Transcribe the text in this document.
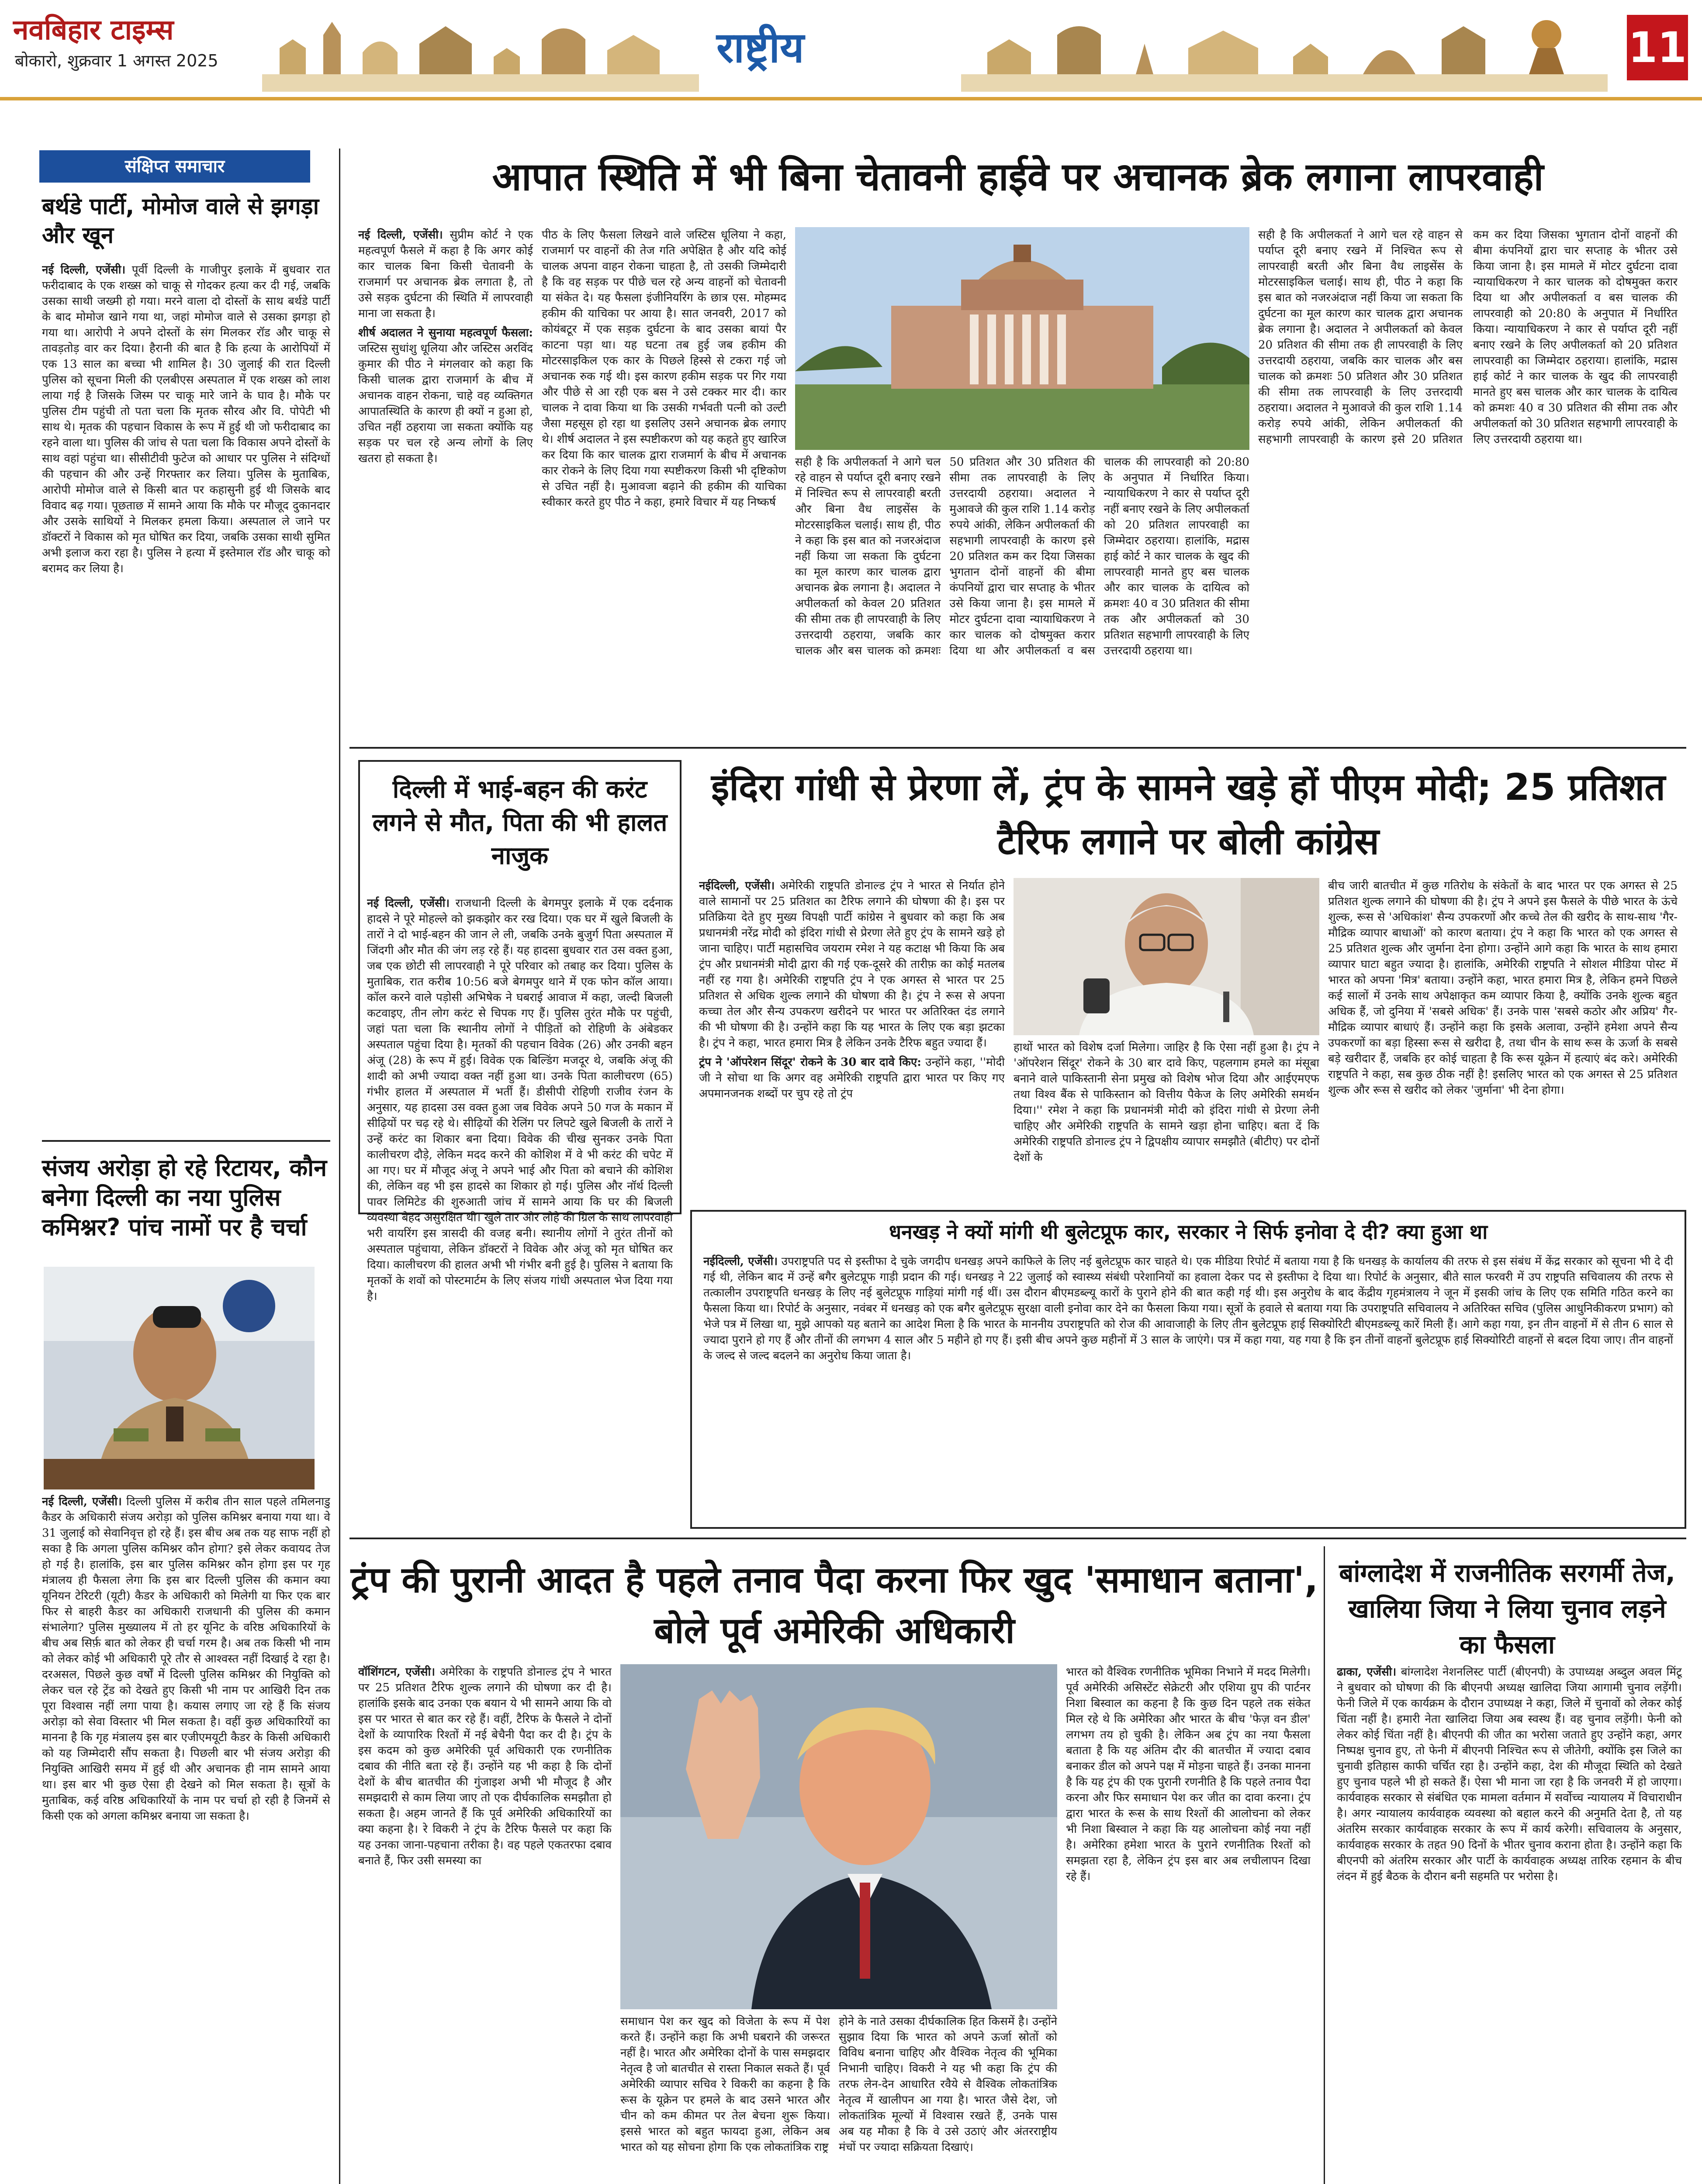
नवबिहार टाइम्स
बोकारो, शुक्रवार 1 अगस्त 2025	राष्ट्रीय	11
संक्षिप्त समाचार
बर्थडे पार्टी, मोमोज वाले से झगड़ा और खून

नई दिल्ली, एजेंसी। पूर्वी दिल्ली के गाजीपुर इलाके में बुधवार रात फरीदाबाद के एक शख्स को चाकू से गोदकर हत्या कर दी गई, जबकि उसका साथी जख्मी हो गया। मरने वाला दो दोस्तों के साथ बर्थडे पार्टी के बाद मोमोज खाने गया था, जहां मोमोज वाले से उसका झगड़ा हो गया था। आरोपी ने अपने दोस्तों के संग मिलकर रॉड और चाकू से तावड़तोड़ वार कर दिया। हैरानी की बात है कि हत्या के आरोपियों में एक 13 साल का बच्चा भी शामिल है। 30 जुलाई की रात दिल्ली पुलिस को सूचना मिली की एलबीएस अस्पताल में एक शख्स को लाश लाया गई है जिसके जिस्म पर चाकू मारे जाने के घाव है। मौके पर पुलिस टीम पहुंची तो पता चला कि मृतक सौरव और वि. पोपेटी भी साथ थे। मृतक की पहचान विकास के रूप में हुई थी जो फरीदाबाद का रहने वाला था। पुलिस की जांच से पता चला कि विकास अपने दोस्तों के साथ वहां पहुंचा था। सीसीटीवी फुटेज को आधार पर पुलिस ने संदिग्धों की पहचान की और उन्हें गिरफ्तार कर लिया। पुलिस के मुताबिक, आरोपी मोमोज वाले से किसी बात पर कहासुनी हुई थी जिसके बाद विवाद बढ़ गया। पूछताछ में सामने आया कि मौके पर मौजूद दुकानदार और उसके साथियों ने मिलकर हमला किया। अस्पताल ले जाने पर डॉक्टरों ने विकास को मृत घोषित कर दिया, जबकि उसका साथी सुमित अभी इलाज करा रहा है। पुलिस ने हत्या में इस्तेमाल रॉड और चाकू को बरामद कर लिया है।

संजय अरोड़ा हो रहे रिटायर, कौन बनेगा दिल्ली का नया पुलिस कमिश्नर? पांच नामों पर है चर्चा

नई दिल्ली, एजेंसी। दिल्ली पुलिस में करीब तीन साल पहले तमिलनाडु कैडर के अधिकारी संजय अरोड़ा को पुलिस कमिश्नर बनाया गया था। वे 31 जुलाई को सेवानिवृत्त हो रहे हैं। इस बीच अब तक यह साफ नहीं हो सका है कि अगला पुलिस कमिश्नर कौन होगा? इसे लेकर कवायद तेज हो गई है। हालांकि, इस बार पुलिस कमिश्नर कौन होगा इस पर गृह मंत्रालय ही फैसला लेगा कि इस बार दिल्ली पुलिस की कमान क्या यूनियन टेरिटरी (यूटी) कैडर के अधिकारी को मिलेगी या फिर एक बार फिर से बाहरी कैडर का अधिकारी राजधानी की पुलिस की कमान संभालेगा? पुलिस मुख्यालय में तो हर यूनिट के वरिष्ठ अधिकारियों के बीच अब सिर्फ़ बात को लेकर ही चर्चा गरम है। अब तक किसी भी नाम को लेकर कोई भी अधिकारी पूरे तौर से आश्वस्त नहीं दिखाई दे रहा है। दरअसल, पिछले कुछ वर्षों में दिल्ली पुलिस कमिश्नर की नियुक्ति को लेकर चल रहे ट्रेंड को देखते हुए किसी भी नाम पर आखिरी दिन तक पूरा विश्वास नहीं लगा पाया है। कयास लगाए जा रहे हैं कि संजय अरोड़ा को सेवा विस्तार भी मिल सकता है। वहीं कुछ अधिकारियों का मानना है कि गृह मंत्रालय इस बार एजीएमयूटी कैडर के किसी अधिकारी को यह जिम्मेदारी सौंप सकता है। पिछली बार भी संजय अरोड़ा की नियुक्ति आखिरी समय में हुई थी और अचानक ही नाम सामने आया था। इस बार भी कुछ ऐसा ही देखने को मिल सकता है। सूत्रों के मुताबिक, कई वरिष्ठ अधिकारियों के नाम पर चर्चा हो रही है जिनमें से किसी एक को अगला कमिश्नर बनाया जा सकता है।

आपात स्थिति में भी बिना चेतावनी हाईवे पर अचानक ब्रेक लगाना लापरवाही

नई दिल्ली, एजेंसी। सुप्रीम कोर्ट ने एक महत्वपूर्ण फैसले में कहा है कि अगर कोई कार चालक बिना किसी चेतावनी के राजमार्ग पर अचानक ब्रेक लगाता है, तो उसे सड़क दुर्घटना की स्थिति में लापरवाही माना जा सकता है।

शीर्ष अदालत ने सुनाया महत्वपूर्ण फैसला: जस्टिस सुधांशु धूलिया और जस्टिस अरविंद कुमार की पीठ ने मंगलवार को कहा कि किसी चालक द्वारा राजमार्ग के बीच में अचानक वाहन रोकना, चाहे वह व्यक्तिगत आपातस्थिति के कारण ही क्यों न हुआ हो, उचित नहीं ठहराया जा सकता क्योंकि यह सड़क पर चल रहे अन्य लोगों के लिए खतरा हो सकता है।

पीठ के लिए फैसला लिखने वाले जस्टिस धूलिया ने कहा, राजमार्ग पर वाहनों की तेज गति अपेक्षित है और यदि कोई चालक अपना वाहन रोकना चाहता है, तो उसकी जिम्मेदारी है कि वह सड़क पर पीछे चल रहे अन्य वाहनों को चेतावनी या संकेत दे। यह फैसला इंजीनियरिंग के छात्र एस. मोहम्मद हकीम की याचिका पर आया है। सात जनवरी, 2017 को कोयंबटूर में एक सड़क दुर्घटना के बाद उसका बायां पैर काटना पड़ा था। यह घटना तब हुई जब हकीम की मोटरसाइकिल एक कार के पिछले हिस्से से टकरा गई जो अचानक रुक गई थी। इस कारण हकीम सड़क पर गिर गया और पीछे से आ रही एक बस ने उसे टक्कर मार दी। कार चालक ने दावा किया था कि उसकी गर्भवती पत्नी को उल्टी जैसा महसूस हो रहा था इसलिए उसने अचानक ब्रेक लगाए थे। शीर्ष अदालत ने इस स्पष्टीकरण को यह कहते हुए खारिज कर दिया कि कार चालक द्वारा राजमार्ग के बीच में अचानक कार रोकने के लिए दिया गया स्पष्टीकरण किसी भी दृष्टिकोण से उचित नहीं है। मुआवजा बढ़ाने की हकीम की याचिका स्वीकार करते हुए पीठ ने कहा, हमारे विचार में यह निष्कर्ष

सही है कि अपीलकर्ता ने आगे चल रहे वाहन से पर्याप्त दूरी बनाए रखने में निश्चित रूप से लापरवाही बरती और बिना वैध लाइसेंस के मोटरसाइकिल चलाई। साथ ही, पीठ ने कहा कि इस बात को नजरअंदाज नहीं किया जा सकता कि दुर्घटना का मूल कारण कार चालक द्वारा अचानक ब्रेक लगाना है। अदालत ने अपीलकर्ता को केवल 20 प्रतिशत की सीमा तक ही लापरवाही के लिए उत्तरदायी ठहराया, जबकि कार चालक और बस चालक को क्रमशः 50 प्रतिशत और 30 प्रतिशत की सीमा तक लापरवाही के लिए उत्तरदायी ठहराया। अदालत ने मुआवजे की कुल राशि 1.14 करोड़ रुपये आंकी, लेकिन अपीलकर्ता की सहभागी लापरवाही के कारण इसे 20 प्रतिशत कम कर दिया जिसका भुगतान दोनों वाहनों की बीमा कंपनियों द्वारा चार सप्ताह के भीतर उसे किया जाना है। इस मामले में मोटर दुर्घटना दावा न्यायाधिकरण ने कार चालक को दोषमुक्त करार दिया था और अपीलकर्ता व बस चालक की लापरवाही को 20:80 के अनुपात में निर्धारित किया। न्यायाधिकरण ने कार से पर्याप्त दूरी नहीं बनाए रखने के लिए अपीलकर्ता को 20 प्रतिशत लापरवाही का जिम्मेदार ठहराया। हालांकि, मद्रास हाई कोर्ट ने कार चालक के खुद की लापरवाही मानते हुए बस चालक और कार चालक के दायित्व को क्रमशः 40 व 30 प्रतिशत की सीमा तक और अपीलकर्ता को 30 प्रतिशत सहभागी लापरवाही के लिए उत्तरदायी ठहराया था।

सही है कि अपीलकर्ता ने आगे चल रहे वाहन से पर्याप्त दूरी बनाए रखने में निश्चित रूप से लापरवाही बरती और बिना वैध लाइसेंस के मोटरसाइकिल चलाई। साथ ही, पीठ ने कहा कि इस बात को नजरअंदाज नहीं किया जा सकता कि दुर्घटना का मूल कारण कार चालक द्वारा अचानक ब्रेक लगाना है। अदालत ने अपीलकर्ता को केवल 20 प्रतिशत की सीमा तक ही लापरवाही के लिए उत्तरदायी ठहराया, जबकि कार चालक और बस चालक को क्रमशः 50 प्रतिशत और 30 प्रतिशत की सीमा तक लापरवाही के लिए उत्तरदायी ठहराया। अदालत ने मुआवजे की कुल राशि 1.14 करोड़ रुपये आंकी, लेकिन अपीलकर्ता की सहभागी लापरवाही के कारण इसे 20 प्रतिशत कम कर दिया जिसका भुगतान दोनों वाहनों की बीमा कंपनियों द्वारा चार सप्ताह के भीतर उसे किया जाना है। इस मामले में मोटर दुर्घटना दावा न्यायाधिकरण ने कार चालक को दोषमुक्त करार दिया था और अपीलकर्ता व बस चालक की लापरवाही को 20:80 के अनुपात में निर्धारित किया। न्यायाधिकरण ने कार से पर्याप्त दूरी नहीं बनाए रखने के लिए अपीलकर्ता को 20 प्रतिशत लापरवाही का जिम्मेदार ठहराया। हालांकि, मद्रास हाई कोर्ट ने कार चालक के खुद की लापरवाही मानते हुए बस चालक और कार चालक के दायित्व को क्रमशः 40 व 30 प्रतिशत की सीमा तक और अपीलकर्ता को 30 प्रतिशत सहभागी लापरवाही के लिए उत्तरदायी ठहराया था।

दिल्ली में भाई-बहन की करंट लगने से मौत, पिता की भी हालत नाजुक

नई दिल्ली, एजेंसी। राजधानी दिल्ली के बेगमपुर इलाके में एक दर्दनाक हादसे ने पूरे मोहल्ले को झकझोर कर रख दिया। एक घर में खुले बिजली के तारों ने दो भाई-बहन की जान ले ली, जबकि उनके बुजुर्ग पिता अस्पताल में जिंदगी और मौत की जंग लड़ रहे हैं। यह हादसा बुधवार रात उस वक्त हुआ, जब एक छोटी सी लापरवाही ने पूरे परिवार को तबाह कर दिया। पुलिस के मुताबिक, रात करीब 10:56 बजे बेगमपुर थाने में एक फोन कॉल आया। कॉल करने वाले पड़ोसी अभिषेक ने घबराई आवाज में कहा, जल्दी बिजली कटवाइए, तीन लोग करंट से चिपक गए हैं। पुलिस तुरंत मौके पर पहुंची, जहां पता चला कि स्थानीय लोगों ने पीड़ितों को रोहिणी के अंबेडकर अस्पताल पहुंचा दिया है। मृतकों की पहचान विवेक (26) और उनकी बहन अंजू (28) के रूप में हुई। विवेक एक बिल्डिंग मजदूर थे, जबकि अंजू की शादी को अभी ज्यादा वक्त नहीं हुआ था। उनके पिता कालीचरण (65) गंभीर हालत में अस्पताल में भर्ती हैं। डीसीपी रोहिणी राजीव रंजन के अनुसार, यह हादसा उस वक्त हुआ जब विवेक अपने 50 गज के मकान में सीढ़ियों पर चढ़ रहे थे। सीढ़ियों की रेलिंग पर लिपटे खुले बिजली के तारों ने उन्हें करंट का शिकार बना दिया। विवेक की चीख सुनकर उनके पिता कालीचरण दौड़े, लेकिन मदद करने की कोशिश में वे भी करंट की चपेट में आ गए। घर में मौजूद अंजू ने अपने भाई और पिता को बचाने की कोशिश की, लेकिन वह भी इस हादसे का शिकार हो गई। पुलिस और नॉर्थ दिल्ली पावर लिमिटेड की शुरुआती जांच में सामने आया कि घर की बिजली व्यवस्था बेहद असुरक्षित थी। खुले तार और लोहे की ग्रिल के साथ लापरवाही भरी वायरिंग इस त्रासदी की वजह बनी। स्थानीय लोगों ने तुरंत तीनों को अस्पताल पहुंचाया, लेकिन डॉक्टरों ने विवेक और अंजू को मृत घोषित कर दिया। कालीचरण की हालत अभी भी गंभीर बनी हुई है। पुलिस ने बताया कि मृतकों के शवों को पोस्टमार्टम के लिए संजय गांधी अस्पताल भेज दिया गया है।

इंदिरा गांधी से प्रेरणा लें, ट्रंप के सामने खड़े हों पीएम मोदी; 25 प्रतिशत टैरिफ लगाने पर बोली कांग्रेस

नईदिल्ली, एजेंसी। अमेरिकी राष्ट्रपति डोनाल्ड ट्रंप ने भारत से निर्यात होने वाले सामानों पर 25 प्रतिशत का टैरिफ लगाने की घोषणा की है। इस पर प्रतिक्रिया देते हुए मुख्य विपक्षी पार्टी कांग्रेस ने बुधवार को कहा कि अब प्रधानमंत्री नरेंद्र मोदी को इंदिरा गांधी से प्रेरणा लेते हुए ट्रंप के सामने खड़े हो जाना चाहिए। पार्टी महासचिव जयराम रमेश ने यह कटाक्ष भी किया कि अब ट्रंप और प्रधानमंत्री मोदी द्वारा की गई एक-दूसरे की तारीफ़ का कोई मतलब नहीं रह गया है। अमेरिकी राष्ट्रपति ट्रंप ने एक अगस्त से भारत पर 25 प्रतिशत से अधिक शुल्क लगाने की घोषणा की है। ट्रंप ने रूस से अपना कच्चा तेल और सैन्य उपकरण खरीदने पर भारत पर अतिरिक्त दंड लगाने की भी घोषणा की है। उन्होंने कहा कि यह भारत के लिए एक बड़ा झटका है। ट्रंप ने कहा, भारत हमारा मित्र है लेकिन उनके टैरिफ बहुत ज्यादा हैं।

ट्रंप ने 'ऑपरेशन सिंदूर' रोकने के 30 बार दावे किए: उन्होंने कहा, ''मोदी जी ने सोचा था कि अगर वह अमेरिकी राष्ट्रपति द्वारा भारत पर किए गए अपमानजनक शब्दों पर चुप रहे तो ट्रंप

हाथों भारत को विशेष दर्जा मिलेगा। जाहिर है कि ऐसा नहीं हुआ है। ट्रंप ने 'ऑपरेशन सिंदूर' रोकने के 30 बार दावे किए, पहलगाम हमले का मंसूबा बनाने वाले पाकिस्तानी सेना प्रमुख को विशेष भोज दिया और आईएमएफ तथा विश्व बैंक से पाकिस्तान को वित्तीय पैकेज के लिए अमेरिकी समर्थन दिया।'' रमेश ने कहा कि प्रधानमंत्री मोदी को इंदिरा गांधी से प्रेरणा लेनी चाहिए और अमेरिकी राष्ट्रपति के सामने खड़ा होना चाहिए। बता दें कि अमेरिकी राष्ट्रपति डोनाल्ड ट्रंप ने द्विपक्षीय व्यापार समझौते (बीटीए) पर दोनों देशों के

बीच जारी बातचीत में कुछ गतिरोध के संकेतों के बाद भारत पर एक अगस्त से 25 प्रतिशत शुल्क लगाने की घोषणा की है। ट्रंप ने अपने इस फैसले के पीछे भारत के ऊंचे शुल्क, रूस से 'अधिकांश' सैन्य उपकरणों और कच्चे तेल की खरीद के साथ-साथ 'गैर-मौद्रिक व्यापार बाधाओं' को कारण बताया। ट्रंप ने कहा कि भारत को एक अगस्त से 25 प्रतिशत शुल्क और जुर्माना देना होगा। उन्होंने आगे कहा कि भारत के साथ हमारा व्यापार घाटा बहुत ज्यादा है। हालांकि, अमेरिकी राष्ट्रपति ने सोशल मीडिया पोस्ट में भारत को अपना 'मित्र' बताया। उन्होंने कहा, भारत हमारा मित्र है, लेकिन हमने पिछले कई सालों में उनके साथ अपेक्षाकृत कम व्यापार किया है, क्योंकि उनके शुल्क बहुत अधिक हैं, जो दुनिया में 'सबसे अधिक' हैं। उनके पास 'सबसे कठोर और अप्रिय' गैर-मौद्रिक व्यापार बाधाएं हैं। उन्होंने कहा कि इसके अलावा, उन्होंने हमेशा अपने सैन्य उपकरणों का बड़ा हिस्सा रूस से खरीदा है, तथा चीन के साथ रूस के ऊर्जा के सबसे बड़े खरीदार हैं, जबकि हर कोई चाहता है कि रूस यूक्रेन में हत्याएं बंद करे। अमेरिकी राष्ट्रपति ने कहा, सब कुछ ठीक नहीं है! इसलिए भारत को एक अगस्त से 25 प्रतिशत शुल्क और रूस से खरीद को लेकर 'जुर्माना' भी देना होगा।

धनखड़ ने क्यों मांगी थी बुलेटप्रूफ कार, सरकार ने सिर्फ इनोवा दे दी? क्या हुआ था

नईदिल्ली, एजेंसी। उपराष्ट्रपति पद से इस्तीफा दे चुके जगदीप धनखड़ अपने काफिले के लिए नई बुलेटप्रूफ कार चाहते थे। एक मीडिया रिपोर्ट में बताया गया है कि धनखड़ के कार्यालय की तरफ से इस संबंध में केंद्र सरकार को सूचना भी दे दी गई थी, लेकिन बाद में उन्हें बगैर बुलेटप्रूफ गाड़ी प्रदान की गई। धनखड़ ने 22 जुलाई को स्वास्थ्य संबंधी परेशानियों का हवाला देकर पद से इस्तीफा दे दिया था। रिपोर्ट के अनुसार, बीते साल फरवरी में उप राष्ट्रपति सचिवालय की तरफ से तत्कालीन उपराष्ट्रपति धनखड़ के लिए नई बुलेटप्रूफ गाड़ियां मांगी गई थीं। उस दौरान बीएमडब्ल्यू कारों के पुराने होने की बात कही गई थी। इस अनुरोध के बाद केंद्रीय गृहमंत्रालय ने जून में इसकी जांच के लिए एक समिति गठित करने का फैसला किया था। रिपोर्ट के अनुसार, नवंबर में धनखड़ को एक बगैर बुलेटप्रूफ सुरक्षा वाली इनोवा कार देने का फैसला किया गया। सूत्रों के हवाले से बताया गया कि उपराष्ट्रपति सचिवालय ने अतिरिक्त सचिव (पुलिस आधुनिकीकरण प्रभाग) को भेजे पत्र में लिखा था, मुझे आपको यह बताने का आदेश मिला है कि भारत के माननीय उपराष्ट्रपति को रोज की आवाजाही के लिए तीन बुलेटप्रूफ हाई सिक्योरिटी बीएमडब्ल्यू कारें मिली हैं। आगे कहा गया, इन तीन वाहनों में से तीन 6 साल से ज्यादा पुराने हो गए हैं और तीनों की लगभग 4 साल और 5 महीने हो गए हैं। इसी बीच अपने कुछ महीनों में 3 साल के जाएंगे। पत्र में कहा गया, यह गया है कि इन तीनों वाहनों बुलेटप्रूफ हाई सिक्योरिटी वाहनों से बदल दिया जाए। तीन वाहनों के जल्द से जल्द बदलने का अनुरोध किया जाता है।

ट्रंप की पुरानी आदत है पहले तनाव पैदा करना फिर खुद 'समाधान बताना', बोले पूर्व अमेरिकी अधिकारी

वॉशिंगटन, एजेंसी। अमेरिका के राष्ट्रपति डोनाल्ड ट्रंप ने भारत पर 25 प्रतिशत टैरिफ शुल्क लगाने की घोषणा कर दी है। हालांकि इसके बाद उनका एक बयान ये भी सामने आया कि वो इस पर भारत से बात कर रहे हैं। वहीं, टैरिफ के फैसले ने दोनों देशों के व्यापारिक रिश्तों में नई बेचैनी पैदा कर दी है। ट्रंप के इस कदम को कुछ अमेरिकी पूर्व अधिकारी एक रणनीतिक दबाव की नीति बता रहे हैं। उन्होंने यह भी कहा है कि दोनों देशों के बीच बातचीत की गुंजाइश अभी भी मौजूद है और समझदारी से काम लिया जाए तो एक दीर्घकालिक समझौता हो सकता है। अहम जानते हैं कि पूर्व अमेरिकी अधिकारियों का क्या कहना है। रे विकरी ने ट्रंप के टैरिफ फैसले पर कहा कि यह उनका जाना-पहचाना तरीका है। वह पहले एकतरफा दबाव बनाते हैं, फिर उसी समस्या का

समाधान पेश कर खुद को विजेता के रूप में पेश करते हैं। उन्होंने कहा कि अभी घबराने की जरूरत नहीं है। भारत और अमेरिका दोनों के पास समझदार नेतृत्व है जो बातचीत से रास्ता निकाल सकते हैं। पूर्व अमेरिकी व्यापार सचिव रे विकरी का कहना है कि रूस के यूक्रेन पर हमले के बाद उसने भारत और चीन को कम कीमत पर तेल बेचना शुरू किया। इससे भारत को बहुत फायदा हुआ, लेकिन अब भारत को यह सोचना होगा कि एक लोकतांत्रिक राष्ट्र

होने के नाते उसका दीर्घकालिक हित किसमें है। उन्होंने सुझाव दिया कि भारत को अपने ऊर्जा स्रोतों को विविध बनाना चाहिए और वैश्विक नेतृत्व की भूमिका निभानी चाहिए। विकरी ने यह भी कहा कि ट्रंप की तरफ लेन-देन आधारित रवैये से वैश्विक लोकतांत्रिक नेतृत्व में खालीपन आ गया है। भारत जैसे देश, जो लोकतांत्रिक मूल्यों में विश्वास रखते हैं, उनके पास अब यह मौका है कि वे उसे उठाएं और अंतरराष्ट्रीय मंचों पर ज्यादा सक्रियता दिखाएं।

भारत को वैश्विक रणनीतिक भूमिका निभाने में मदद मिलेगी। पूर्व अमेरिकी असिस्टेंट सेक्रेटरी और एशिया ग्रुप की पार्टनर निशा बिस्वाल का कहना है कि कुछ दिन पहले तक संकेत मिल रहे थे कि अमेरिका और भारत के बीच 'फेज़ वन डील' लगभग तय हो चुकी है। लेकिन अब ट्रंप का नया फैसला बताता है कि यह अंतिम दौर की बातचीत में ज्यादा दबाव बनाकर डील को अपने पक्ष में मोड़ना चाहते हैं। उनका मानना है कि यह ट्रंप की एक पुरानी रणनीति है कि पहले तनाव पैदा करना और फिर समाधान पेश कर जीत का दावा करना। ट्रंप द्वारा भारत के रूस के साथ रिश्तों की आलोचना को लेकर भी निशा बिस्वाल ने कहा कि यह आलोचना कोई नया नहीं है। अमेरिका हमेशा भारत के पुराने रणनीतिक रिश्तों को समझता रहा है, लेकिन ट्रंप इस बार अब लचीलापन दिखा रहे हैं।

बांग्लादेश में राजनीतिक सरगर्मी तेज, खालिया जिया ने लिया चुनाव लड़ने का फैसला

ढाका, एजेंसी। बांग्लादेश नेशनलिस्ट पार्टी (बीएनपी) के उपाध्यक्ष अब्दुल अवल मिंटू ने बुधवार को घोषणा की कि बीएनपी अध्यक्ष खालिदा जिया आगामी चुनाव लड़ेंगी। फेनी जिले में एक कार्यक्रम के दौरान उपाध्यक्ष ने कहा, जिले में चुनावों को लेकर कोई चिंता नहीं है। हमारी नेता खालिदा जिया अब स्वस्थ हैं। वह चुनाव लड़ेंगी। फेनी को लेकर कोई चिंता नहीं है। बीएनपी की जीत का भरोसा जताते हुए उन्होंने कहा, अगर निष्पक्ष चुनाव हुए, तो फेनी में बीएनपी निश्चित रूप से जीतेगी, क्योंकि इस जिले का चुनावी इतिहास काफी चर्चित रहा है। उन्होंने कहा, देश की मौजूदा स्थिति को देखते हुए चुनाव पहले भी हो सकते हैं। ऐसा भी माना जा रहा है कि जनवरी में हो जाएगा। कार्यवाहक सरकार से संबंधित एक मामला वर्तमान में सर्वोच्च न्यायालय में विचाराधीन है। अगर न्यायालय कार्यवाहक व्यवस्था को बहाल करने की अनुमति देता है, तो यह अंतरिम सरकार कार्यवाहक सरकार के रूप में कार्य करेगी। सचिवालय के अनुसार, कार्यवाहक सरकार के तहत 90 दिनों के भीतर चुनाव कराना होता है। उन्होंने कहा कि बीएनपी को अंतरिम सरकार और पार्टी के कार्यवाहक अध्यक्ष तारिक रहमान के बीच लंदन में हुई बैठक के दौरान बनी सहमति पर भरोसा है।
